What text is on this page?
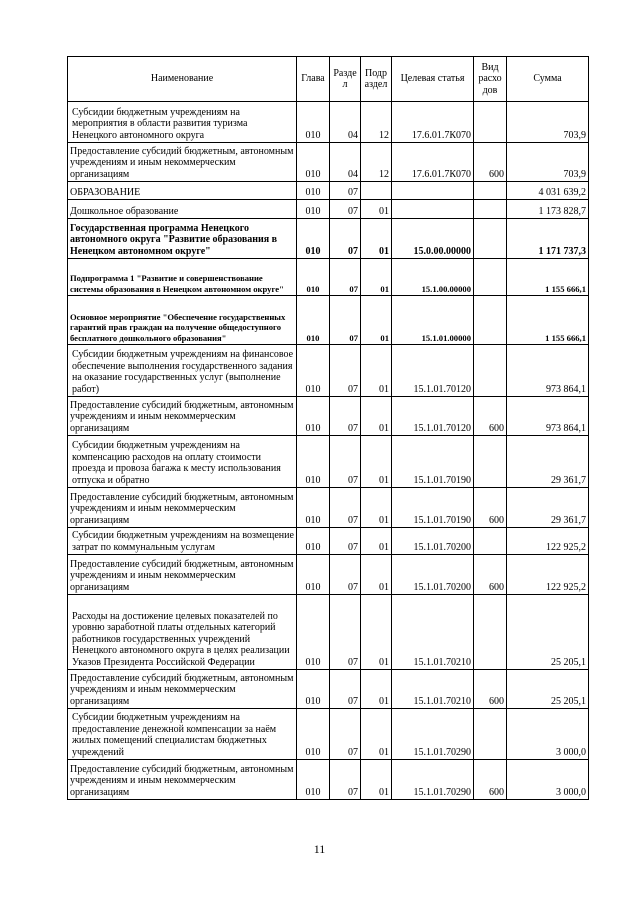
Наименование	Глава	Разде л	Подр аздел	Целевая статья	Вид расхо дов	Сумма
Субсидии бюджетным учреждениям на мероприятия в области развития туризма Ненецкого автономного округа	010	04	12	17.6.01.7К070		703,9
Предоставление субсидий бюджетным, автономным учреждениям и иным некоммерческим организациям	010	04	12	17.6.01.7К070	600	703,9
ОБРАЗОВАНИЕ	010	07				4 031 639,2
Дошкольное образование	010	07	01			1 173 828,7
Государственная программа Ненецкого автономного округа "Развитие образования в Ненецком автономном округе"	010	07	01	15.0.00.00000		1 171 737,3
Подпрограмма 1 "Развитие и совершенствование системы образования в Ненецком автономном округе"	010	07	01	15.1.00.00000		1 155 666,1
Основное мероприятие "Обеспечение государственных гарантий прав граждан на получение общедоступного бесплатного дошкольного образования"	010	07	01	15.1.01.00000		1 155 666,1
Субсидии бюджетным учреждениям на финансовое обеспечение выполнения государственного задания на оказание государственных услуг (выполнение работ)	010	07	01	15.1.01.70120		973 864,1
Предоставление субсидий бюджетным, автономным учреждениям и иным некоммерческим организациям	010	07	01	15.1.01.70120	600	973 864,1
Субсидии бюджетным учреждениям на компенсацию расходов на оплату стоимости проезда и провоза багажа к месту использования отпуска и обратно	010	07	01	15.1.01.70190		29 361,7
Предоставление субсидий бюджетным, автономным учреждениям и иным некоммерческим организациям	010	07	01	15.1.01.70190	600	29 361,7
Субсидии бюджетным учреждениям на возмещение затрат по коммунальным услугам	010	07	01	15.1.01.70200		122 925,2
Предоставление субсидий бюджетным, автономным учреждениям и иным некоммерческим организациям	010	07	01	15.1.01.70200	600	122 925,2
Расходы на достижение целевых показателей по уровню заработной платы отдельных категорий работников государственных учреждений Ненецкого автономного округа в целях реализации Указов Президента Российской Федерации	010	07	01	15.1.01.70210		25 205,1
Предоставление субсидий бюджетным, автономным учреждениям и иным некоммерческим организациям	010	07	01	15.1.01.70210	600	25 205,1
Субсидии бюджетным учреждениям на предоставление денежной компенсации за наём жилых помещений специалистам бюджетных учреждений	010	07	01	15.1.01.70290		3 000,0
Предоставление субсидий бюджетным, автономным учреждениям и иным некоммерческим организациям	010	07	01	15.1.01.70290	600	3 000,0
11
